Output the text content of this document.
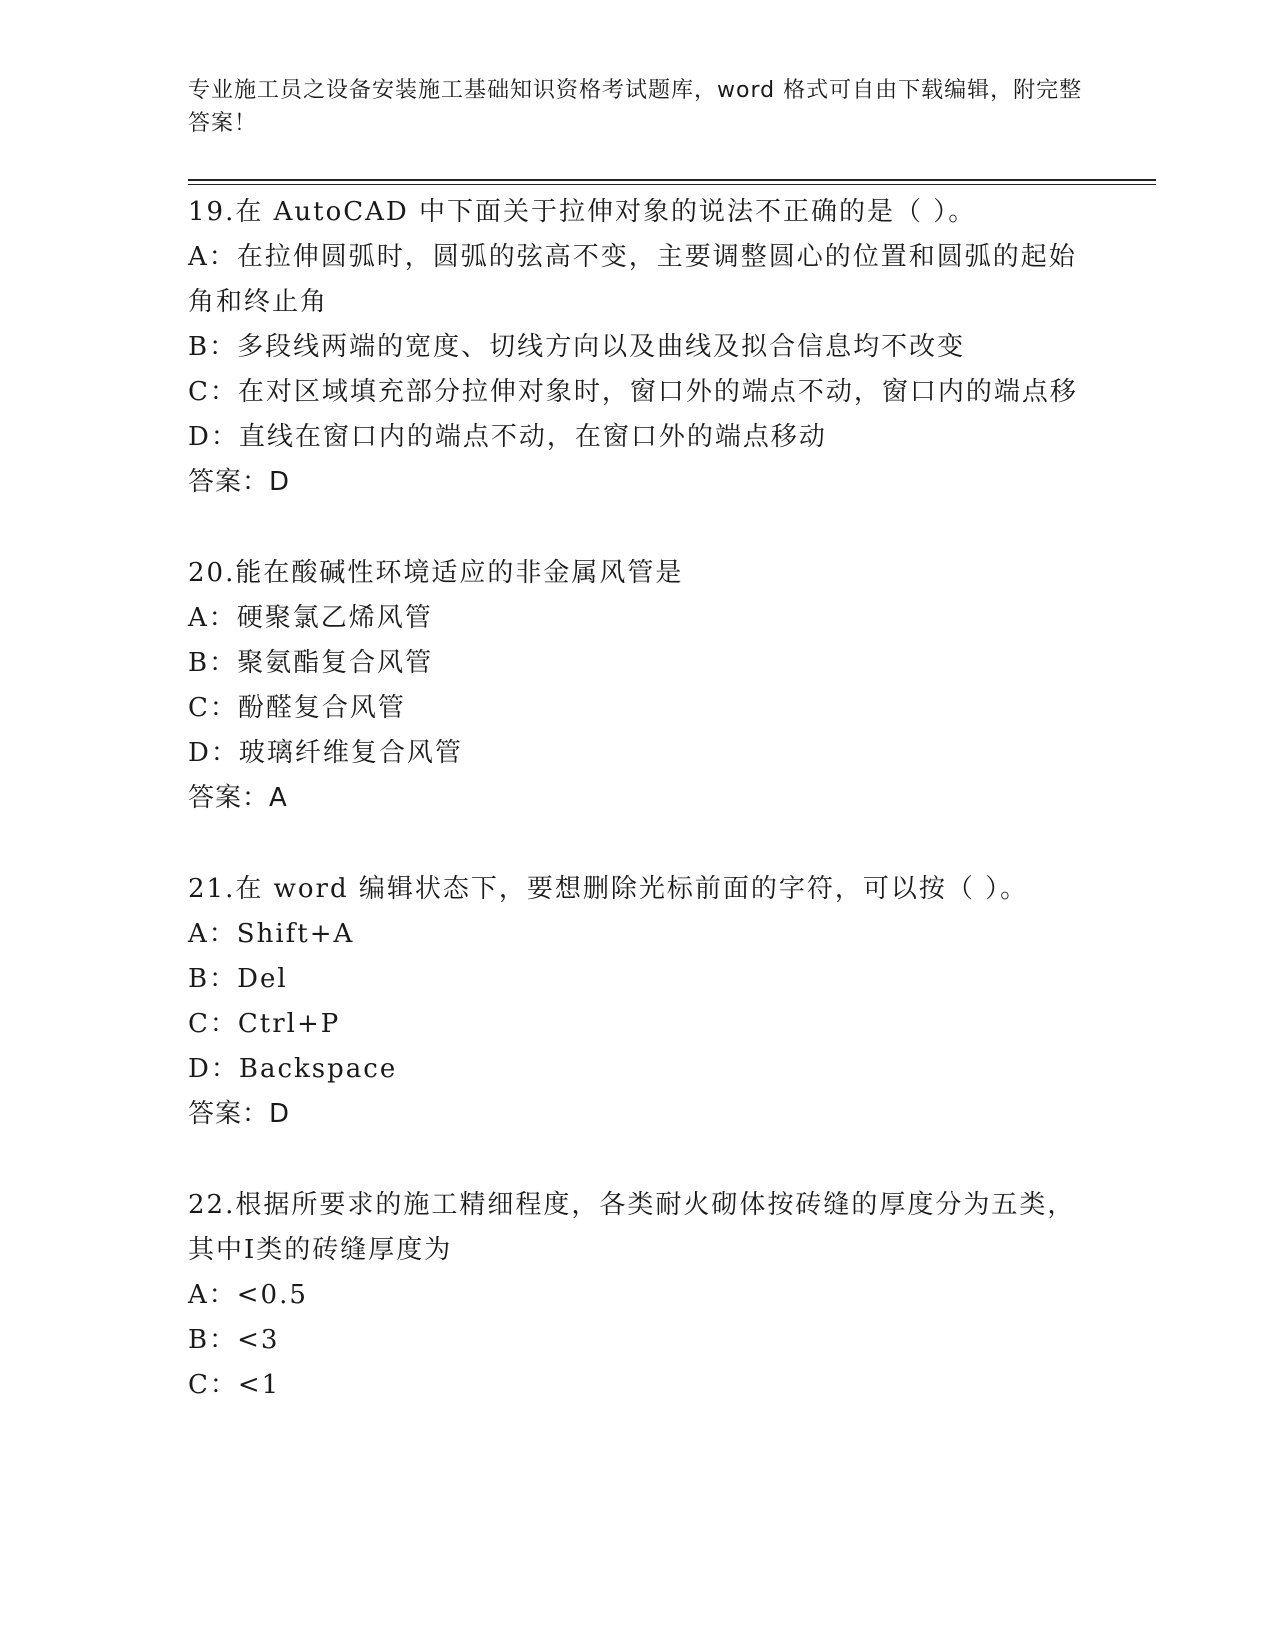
专业施工员之设备安装施工基础知识资格考试题库，word 格式可自由下载编辑，附完整答案！
19.在 AutoCAD 中下面关于拉伸对象的说法不正确的是（ ）。
A：在拉伸圆弧时，圆弧的弦高不变，主要调整圆心的位置和圆弧的起始角和终止角
B：多段线两端的宽度、切线方向以及曲线及拟合信息均不改变
C：在对区域填充部分拉伸对象时，窗口外的端点不动，窗口内的端点移
D：直线在窗口内的端点不动，在窗口外的端点移动
答案：D
20.能在酸碱性环境适应的非金属风管是
A：硬聚氯乙烯风管
B：聚氨酯复合风管
C：酚醛复合风管
D：玻璃纤维复合风管
答案：A
21.在 word 编辑状态下，要想删除光标前面的字符，可以按（ ）。
A：Shift+A
B：Del
C：Ctrl+P
D：Backspace
答案：D
22.根据所要求的施工精细程度，各类耐火砌体按砖缝的厚度分为五类，其中Ⅰ类的砖缝厚度为
A：<0.5
B：<3
C：<1
